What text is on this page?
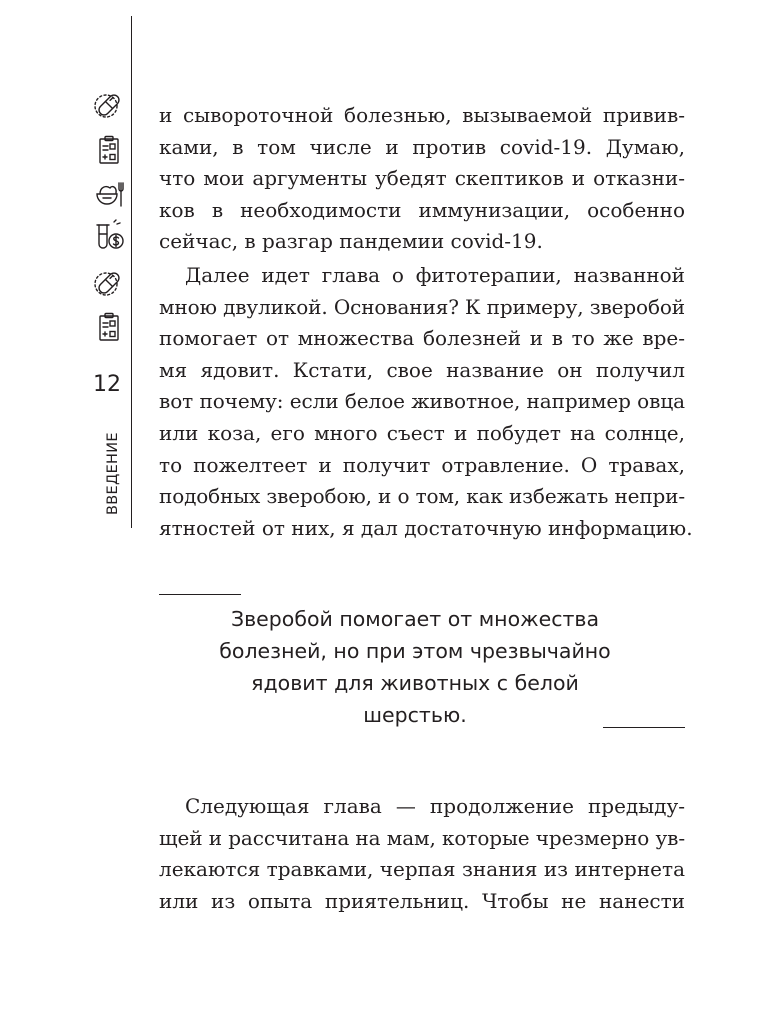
12
ВВЕДЕНИЕ
и сывороточной болезнью, вызываемой привив-
ками, в том числе и против covid-19. Думаю,
что мои аргументы убедят скептиков и отказни-
ков в необходимости иммунизации, особенно
сейчас, в разгар пандемии covid-19.
Далее идет глава о фитотерапии, названной
мною двуликой. Основания? К примеру, зверобой
помогает от множества болезней и в то же вре-
мя ядовит. Кстати, свое название он получил
вот почему: если белое животное, например овца
или коза, его много съест и побудет на солнце,
то пожелтеет и получит отравление. О травах,
подобных зверобою, и о том, как избежать непри-
ятностей от них, я дал достаточную информацию.
Зверобой помогает от множества
болезней, но при этом чрезвычайно
ядовит для животных с белой
шерстью.
Следующая глава — продолжение предыду-
щей и рассчитана на мам, которые чрезмерно ув-
лекаются травками, черпая знания из интернета
или из опыта приятельниц. Чтобы не нанести
